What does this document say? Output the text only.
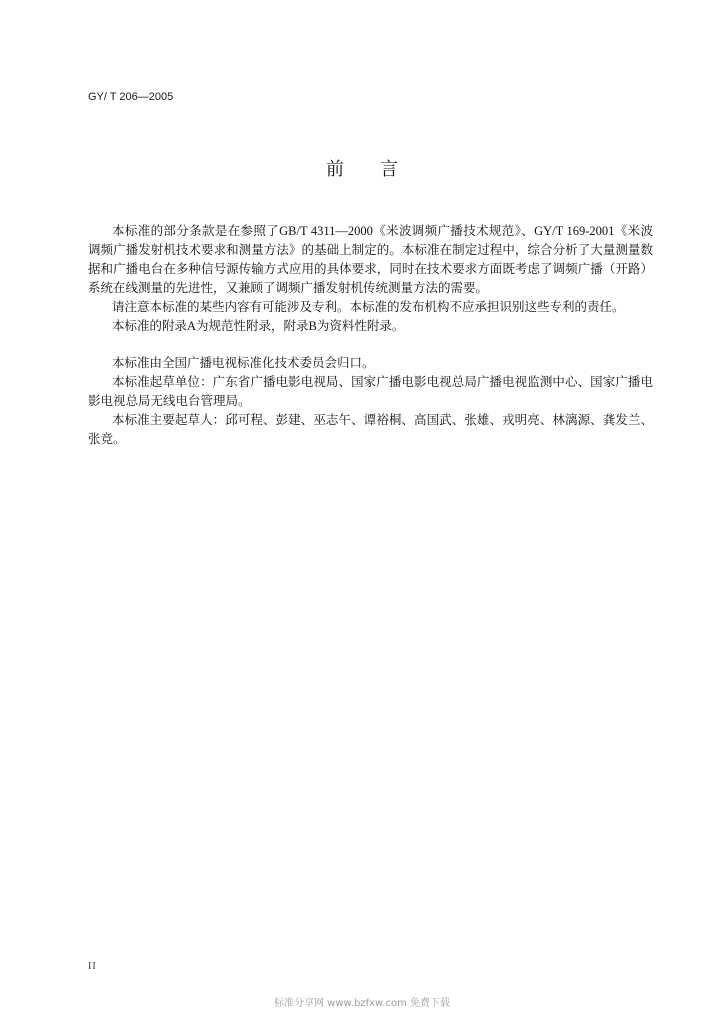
GY/ T 206—2005
前　　言
本标准的部分条款是在参照了GB/T 4311—2000《米波调频广播技术规范》、GY/T 169-2001《米波
调频广播发射机技术要求和测量方法》的基础上制定的。本标准在制定过程中，综合分析了大量测量数
据和广播电台在多种信号源传输方式应用的具体要求，同时在技术要求方面既考虑了调频广播（开路）
系统在线测量的先进性，又兼顾了调频广播发射机传统测量方法的需要。
请注意本标准的某些内容有可能涉及专利。本标准的发布机构不应承担识别这些专利的责任。
本标准的附录A为规范性附录，附录B为资料性附录。
本标准由全国广播电视标准化技术委员会归口。
本标准起草单位：广东省广播电影电视局、国家广播电影电视总局广播电视监测中心、国家广播电
影电视总局无线电台管理局。
本标准主要起草人：邱可程、彭建、巫志午、谭裕桐、高国武、张雄、戎明亮、林漓源、龚发兰、
张竞。
II
标准分享网 www.bzfxw.com 免费下载
